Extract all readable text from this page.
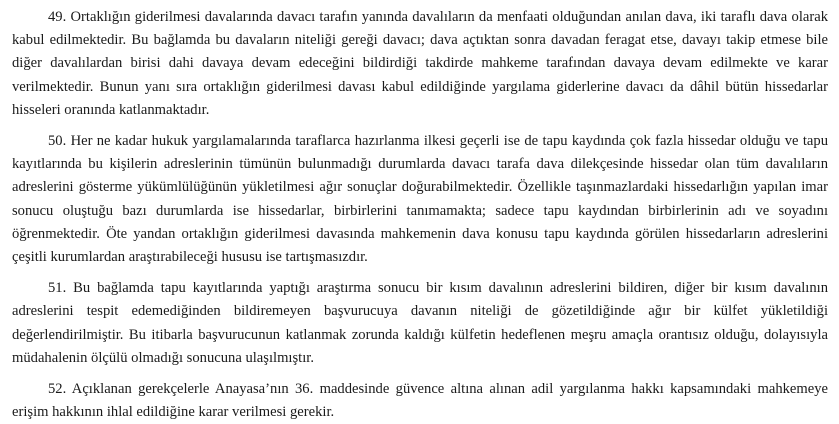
49. Ortaklığın giderilmesi davalarında davacı tarafın yanında davalıların da menfaati olduğundan anılan dava, iki taraflı dava olarak kabul edilmektedir. Bu bağlamda bu davaların niteliği gereği davacı; dava açtıktan sonra davadan feragat etse, davayı takip etmese bile diğer davalılardan birisi dahi davaya devam edeceğini bildirdiği takdirde mahkeme tarafından davaya devam edilmekte ve karar verilmektedir. Bunun yanı sıra ortaklığın giderilmesi davası kabul edildiğinde yargılama giderlerine davacı da dâhil bütün hissedarlar hisseleri oranında katlanmaktadır.

50. Her ne kadar hukuk yargılamalarında taraflarca hazırlanma ilkesi geçerli ise de tapu kaydında çok fazla hissedar olduğu ve tapu kayıtlarında bu kişilerin adreslerinin tümünün bulunmadığı durumlarda davacı tarafa dava dilekçesinde hissedar olan tüm davalıların adreslerini gösterme yükümlülüğünün yükletilmesi ağır sonuçlar doğurabilmektedir. Özellikle taşınmazlardaki hissedarlığın yapılan imar sonucu oluştuğu bazı durumlarda ise hissedarlar, birbirlerini tanımamakta; sadece tapu kaydından birbirlerinin adı ve soyadını öğrenmektedir. Öte yandan ortaklığın giderilmesi davasında mahkemenin dava konusu tapu kaydında görülen hissedarların adreslerini çeşitli kurumlardan araştırabileceği hususu ise tartışmasızdır.

51. Bu bağlamda tapu kayıtlarında yaptığı araştırma sonucu bir kısım davalının adreslerini bildiren, diğer bir kısım davalının adreslerini tespit edemediğinden bildiremeyen başvurucuya davanın niteliği de gözetildiğinde ağır bir külfet yükletildiği değerlendirilmiştir. Bu itibarla başvurucunun katlanmak zorunda kaldığı külfetin hedeflenen meşru amaçla orantısız olduğu, dolayısıyla müdahalenin ölçülü olmadığı sonucuna ulaşılmıştır.

52. Açıklanan gerekçelerle Anayasa’nın 36. maddesinde güvence altına alınan adil yargılanma hakkı kapsamındaki mahkemeye erişim hakkının ihlal edildiğine karar verilmesi gerekir.
